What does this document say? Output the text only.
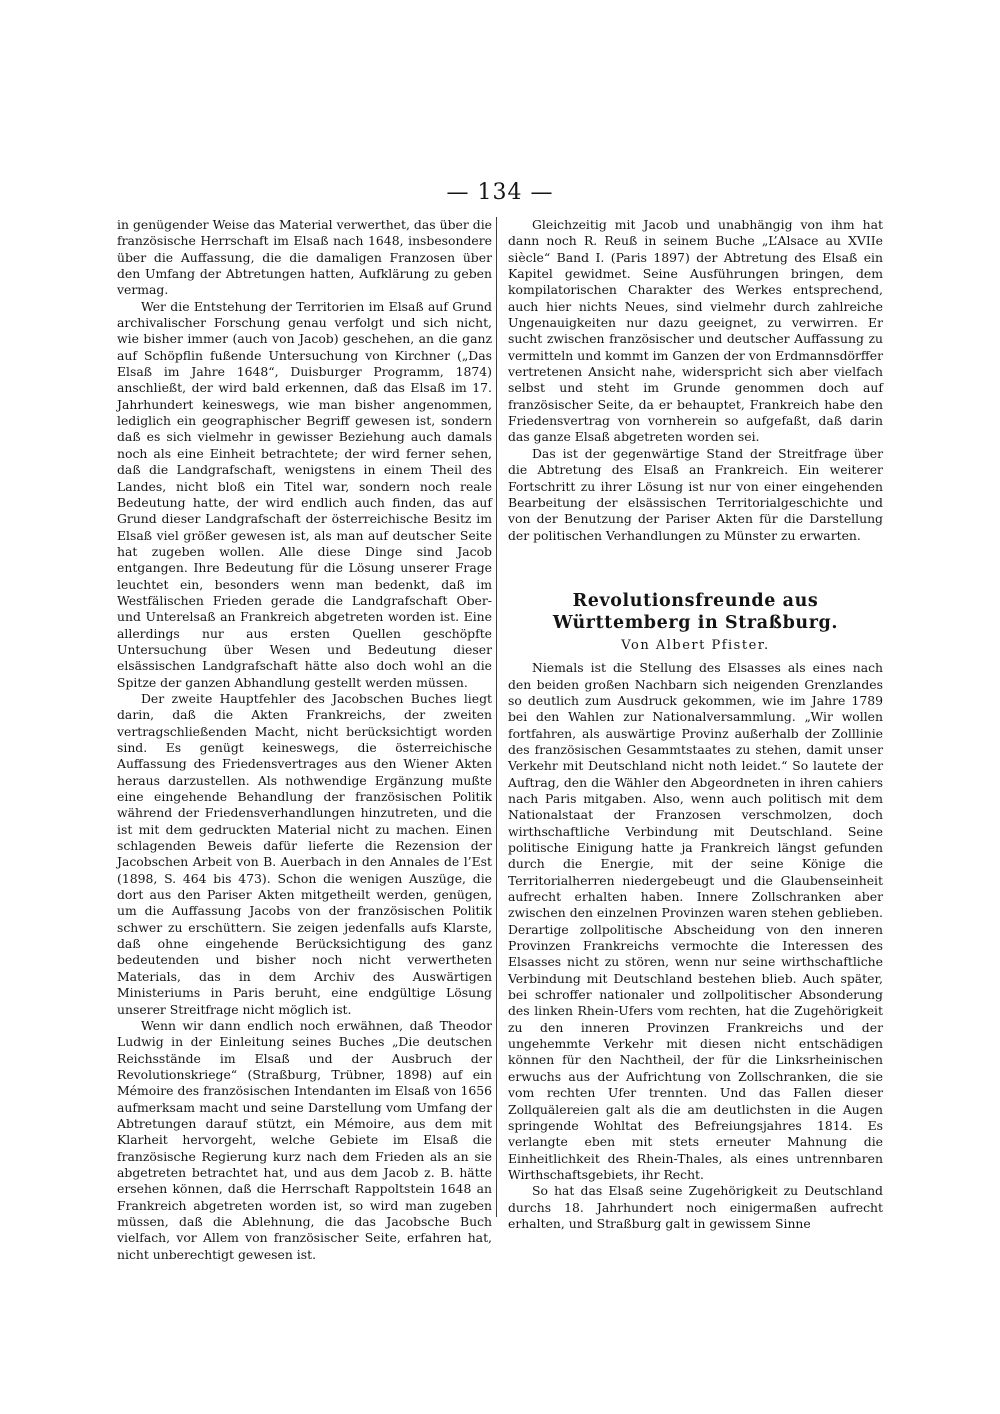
— 134 —

in genügender Weise das Material verwerthet, das über die französische Herrschaft im Elsaß nach 1648, insbesondere über die Auffassung, die die damaligen Franzosen über den Umfang der Abtretungen hatten, Aufklärung zu geben vermag.

Wer die Entstehung der Territorien im Elsaß auf Grund archivalischer Forschung genau verfolgt und sich nicht, wie bisher immer (auch von Jacob) geschehen, an die ganz auf Schöpflin fußende Untersuchung von Kirchner („Das Elsaß im Jahre 1648“, Duisburger Programm, 1874) anschließt, der wird bald erkennen, daß das Elsaß im 17. Jahrhundert keineswegs, wie man bisher angenommen, lediglich ein geographischer Begriff gewesen ist, sondern daß es sich vielmehr in gewisser Beziehung auch damals noch als eine Einheit betrachtete; der wird ferner sehen, daß die Landgrafschaft, wenigstens in einem Theil des Landes, nicht bloß ein Titel war, sondern noch reale Bedeutung hatte, der wird endlich auch finden, das auf Grund dieser Landgrafschaft der österreichische Besitz im Elsaß viel größer gewesen ist, als man auf deutscher Seite hat zugeben wollen. Alle diese Dinge sind Jacob entgangen. Ihre Bedeutung für die Lösung unserer Frage leuchtet ein, besonders wenn man bedenkt, daß im Westfälischen Frieden gerade die Landgrafschaft Ober- und Unterelsaß an Frankreich abgetreten worden ist. Eine allerdings nur aus ersten Quellen geschöpfte Untersuchung über Wesen und Bedeutung dieser elsässischen Landgrafschaft hätte also doch wohl an die Spitze der ganzen Abhandlung gestellt werden müssen.

Der zweite Hauptfehler des Jacobschen Buches liegt darin, daß die Akten Frankreichs, der zweiten vertragschließenden Macht, nicht berücksichtigt worden sind. Es genügt keineswegs, die österreichische Auffassung des Friedensvertrages aus den Wiener Akten heraus darzustellen. Als nothwendige Ergänzung mußte eine eingehende Behandlung der französischen Politik während der Friedensverhandlungen hinzutreten, und die ist mit dem gedruckten Material nicht zu machen. Einen schlagenden Beweis dafür lieferte die Rezension der Jacobschen Arbeit von B. Auerbach in den Annales de l’Est (1898, S. 464 bis 473). Schon die wenigen Auszüge, die dort aus den Pariser Akten mitgetheilt werden, genügen, um die Auffassung Jacobs von der französischen Politik schwer zu erschüttern. Sie zeigen jedenfalls aufs Klarste, daß ohne eingehende Berücksichtigung des ganz bedeutenden und bisher noch nicht verwertheten Materials, das in dem Archiv des Auswärtigen Ministeriums in Paris beruht, eine endgültige Lösung unserer Streitfrage nicht möglich ist.

Wenn wir dann endlich noch erwähnen, daß Theodor Ludwig in der Einleitung seines Buches „Die deutschen Reichsstände im Elsaß und der Ausbruch der Revolutionskriege“ (Straßburg, Trübner, 1898) auf ein Mémoire des französischen Intendanten im Elsaß von 1656 aufmerksam macht und seine Darstellung vom Umfang der Abtretungen darauf stützt, ein Mémoire, aus dem mit Klarheit hervorgeht, welche Gebiete im Elsaß die französische Regierung kurz nach dem Frieden als an sie abgetreten betrachtet hat, und aus dem Jacob z. B. hätte ersehen können, daß die Herrschaft Rappoltstein 1648 an Frankreich abgetreten worden ist, so wird man zugeben müssen, daß die Ablehnung, die das Jacobsche Buch vielfach, vor Allem von französischer Seite, erfahren hat, nicht unberechtigt gewesen ist.

Gleichzeitig mit Jacob und unabhängig von ihm hat dann noch R. Reuß in seinem Buche „L’Alsace au XVIIe siècle“ Band I. (Paris 1897) der Abtretung des Elsaß ein Kapitel gewidmet. Seine Ausführungen bringen, dem kompilatorischen Charakter des Werkes entsprechend, auch hier nichts Neues, sind vielmehr durch zahlreiche Ungenauigkeiten nur dazu geeignet, zu verwirren. Er sucht zwischen französischer und deutscher Auffassung zu vermitteln und kommt im Ganzen der von Erdmannsdörffer vertretenen Ansicht nahe, widerspricht sich aber vielfach selbst und steht im Grunde genommen doch auf französischer Seite, da er behauptet, Frankreich habe den Friedensvertrag von vornherein so aufgefaßt, daß darin das ganze Elsaß abgetreten worden sei.

Das ist der gegenwärtige Stand der Streitfrage über die Abtretung des Elsaß an Frankreich. Ein weiterer Fortschritt zu ihrer Lösung ist nur von einer eingehenden Bearbeitung der elsässischen Territorialgeschichte und von der Benutzung der Pariser Akten für die Darstellung der politischen Verhandlungen zu Münster zu erwarten.

Revolutionsfreunde aus Württemberg in Straßburg.
Von Albert Pfister.

Niemals ist die Stellung des Elsasses als eines nach den beiden großen Nachbarn sich neigenden Grenzlandes so deutlich zum Ausdruck gekommen, wie im Jahre 1789 bei den Wahlen zur Nationalversammlung. „Wir wollen fortfahren, als auswärtige Provinz außerhalb der Zolllinie des französischen Gesammtstaates zu stehen, damit unser Verkehr mit Deutschland nicht noth leidet.“ So lautete der Auftrag, den die Wähler den Abgeordneten in ihren cahiers nach Paris mitgaben. Also, wenn auch politisch mit dem Nationalstaat der Franzosen verschmolzen, doch wirthschaftliche Verbindung mit Deutschland. Seine politische Einigung hatte ja Frankreich längst gefunden durch die Energie, mit der seine Könige die Territorialherren niedergebeugt und die Glaubenseinheit aufrecht erhalten haben. Innere Zollschranken aber zwischen den einzelnen Provinzen waren stehen geblieben. Derartige zollpolitische Abscheidung von den inneren Provinzen Frankreichs vermochte die Interessen des Elsasses nicht zu stören, wenn nur seine wirthschaftliche Verbindung mit Deutschland bestehen blieb. Auch später, bei schroffer nationaler und zollpolitischer Absonderung des linken Rhein-Ufers vom rechten, hat die Zugehörigkeit zu den inneren Provinzen Frankreichs und der ungehemmte Verkehr mit diesen nicht entschädigen können für den Nachtheil, der für die Linksrheinischen erwuchs aus der Aufrichtung von Zollschranken, die sie vom rechten Ufer trennten. Und das Fallen dieser Zollquälereien galt als die am deutlichsten in die Augen springende Wohltat des Befreiungsjahres 1814. Es verlangte eben mit stets erneuter Mahnung die Einheitlichkeit des Rhein-Thales, als eines untrennbaren Wirthschaftsgebiets, ihr Recht.

So hat das Elsaß seine Zugehörigkeit zu Deutschland durchs 18. Jahrhundert noch einigermaßen aufrecht erhalten, und Straßburg galt in gewissem Sinne
